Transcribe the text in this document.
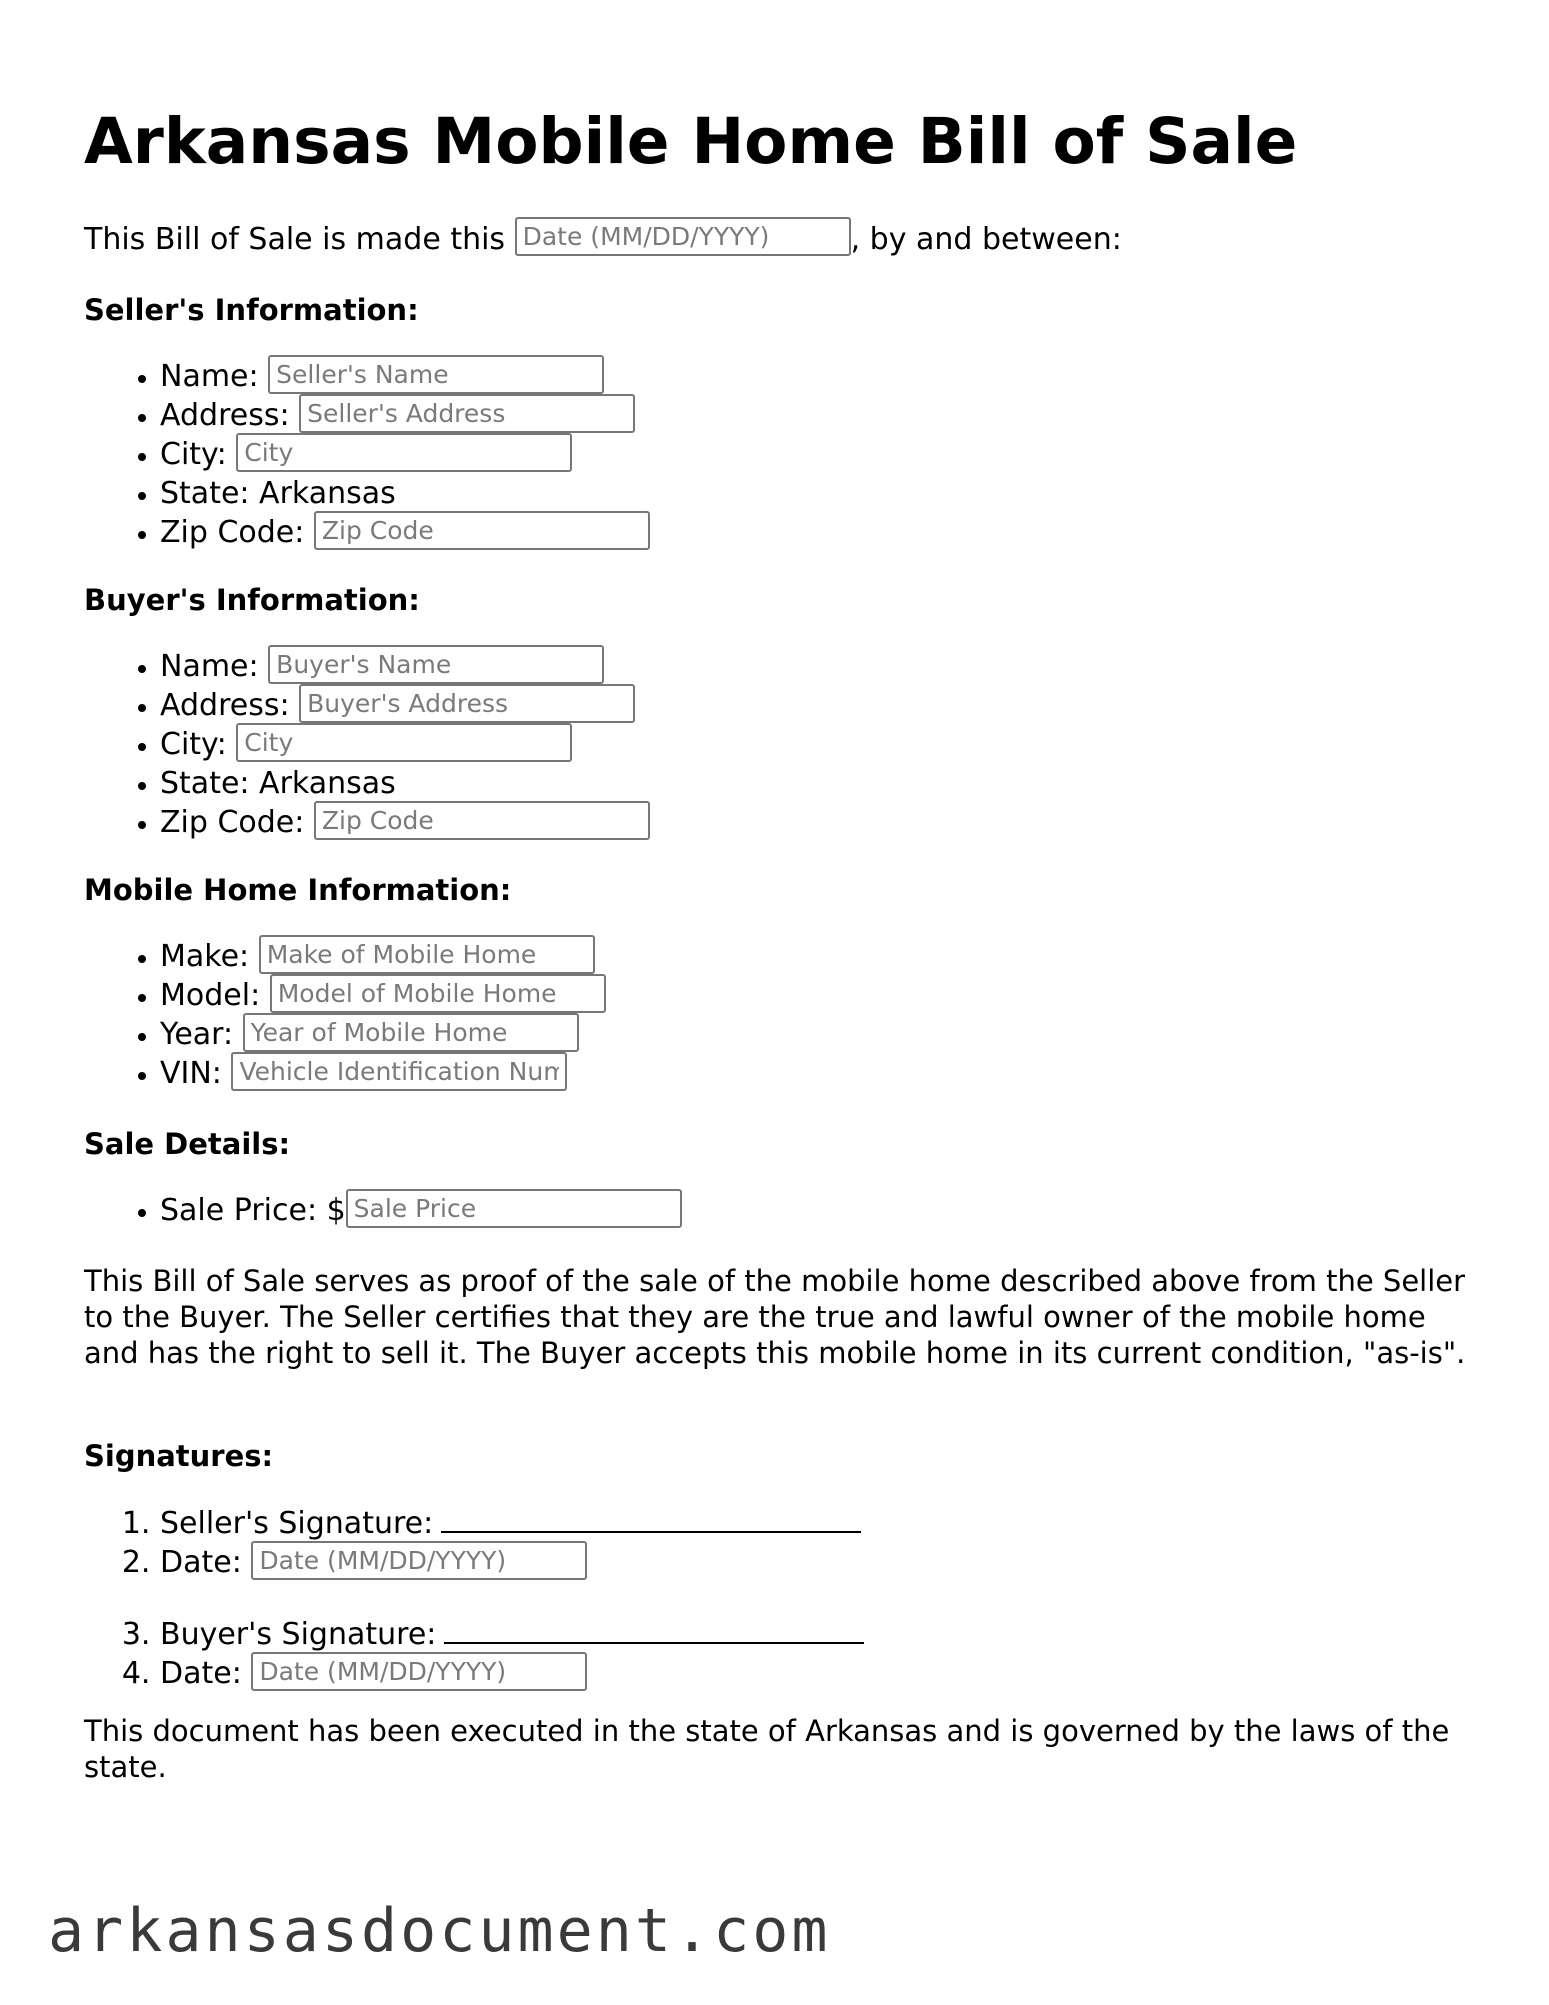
Arkansas Mobile Home Bill of Sale
This Bill of Sale is made this Date (MM/DD/YYYY)	, by and between:
Seller's Information:
• Name: Seller's Name
• Address: Seller's Address
• City: City
• State: Arkansas
• Zip Code: Zip Code
Buyer's Information:
• Name: Buyer's Name
• Address: Buyer's Address
• City: City
• State: Arkansas
• Zip Code: Zip Code
Mobile Home Information:
• Make: Make of Mobile Home
• Model: Model of Mobile Home
• Year: Year of Mobile Home
• VIN: Vehicle Identification Number
Sale Details:
• Sale Price: $Sale Price

This Bill of Sale serves as proof of the sale of the mobile home described above from the Seller to the Buyer. The Seller certifies that they are the true and lawful owner of the mobile home and has the right to sell it. The Buyer accepts this mobile home in its current condition, "as-is".

Signatures:
1. Seller's Signature:
2. Date: Date (MM/DD/YYYY)
3. Buyer's Signature:
4. Date: Date (MM/DD/YYYY)

This document has been executed in the state of Arkansas and is governed by the laws of the state.

arkansasdocument.com
